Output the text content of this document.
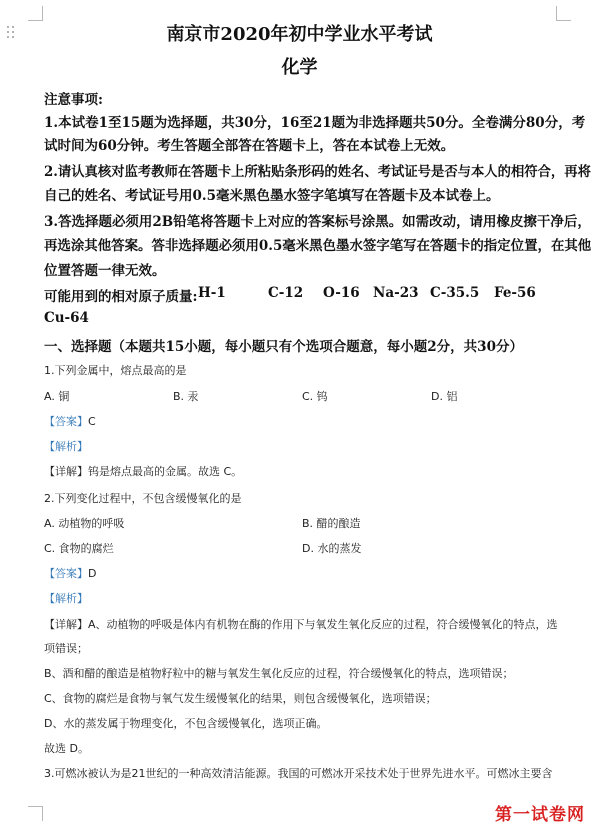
南京市2020年初中学业水平考试
化学
注意事项:
1.本试卷1至15题为选择题，共30分，16至21题为非选择题共50分。全卷满分80分，考
试时间为60分钟。考生答题全部答在答题卡上，答在本试卷上无效。
2.请认真核对监考教师在答题卡上所粘贴条形码的姓名、考试证号是否与本人的相符合，再将
自己的姓名、考试证号用0.5毫米黑色墨水签字笔填写在答题卡及本试卷上。
3.答选择题必须用2B铅笔将答题卡上对应的答案标号涂黑。如需改动，请用橡皮擦干净后，
再选涂其他答案。答非选择题必须用0.5毫米黑色墨水签字笔写在答题卡的指定位置，在其他
位置答题一律无效。
可能用到的相对原子质量: H-1	C-12 O-16 Na-23 C-35.5 Fe-56
Cu-64
一、选择题（本题共15小题，每小题只有个选项合题意，每小题2分，共30分）
1.下列金属中，熔点最高的是
A. 铜	B. 汞	C. 钨	D. 铝
【答案】C
【解析】
【详解】钨是熔点最高的金属。故选 C。
2.下列变化过程中，不包含缓慢氧化的是
A. 动植物的呼吸	B. 醋的酿造
C. 食物的腐烂	D. 水的蒸发
【答案】D
【解析】
【详解】A、动植物的呼吸是体内有机物在酶的作用下与氧发生氧化反应的过程，符合缓慢氧化的特点，选
项错误；
B、酒和醋的酿造是植物籽粒中的糖与氧发生氧化反应的过程，符合缓慢氧化的特点，选项错误；
C、食物的腐烂是食物与氧气发生缓慢氧化的结果，则包含缓慢氧化，选项错误；
D、水的蒸发属于物理变化，不包含缓慢氧化，选项正确。
故选 D。
3.可燃冰被认为是21世纪的一种高效清洁能源。我国的可燃冰开采技术处于世界先进水平。可燃冰主要含
第一试卷网
